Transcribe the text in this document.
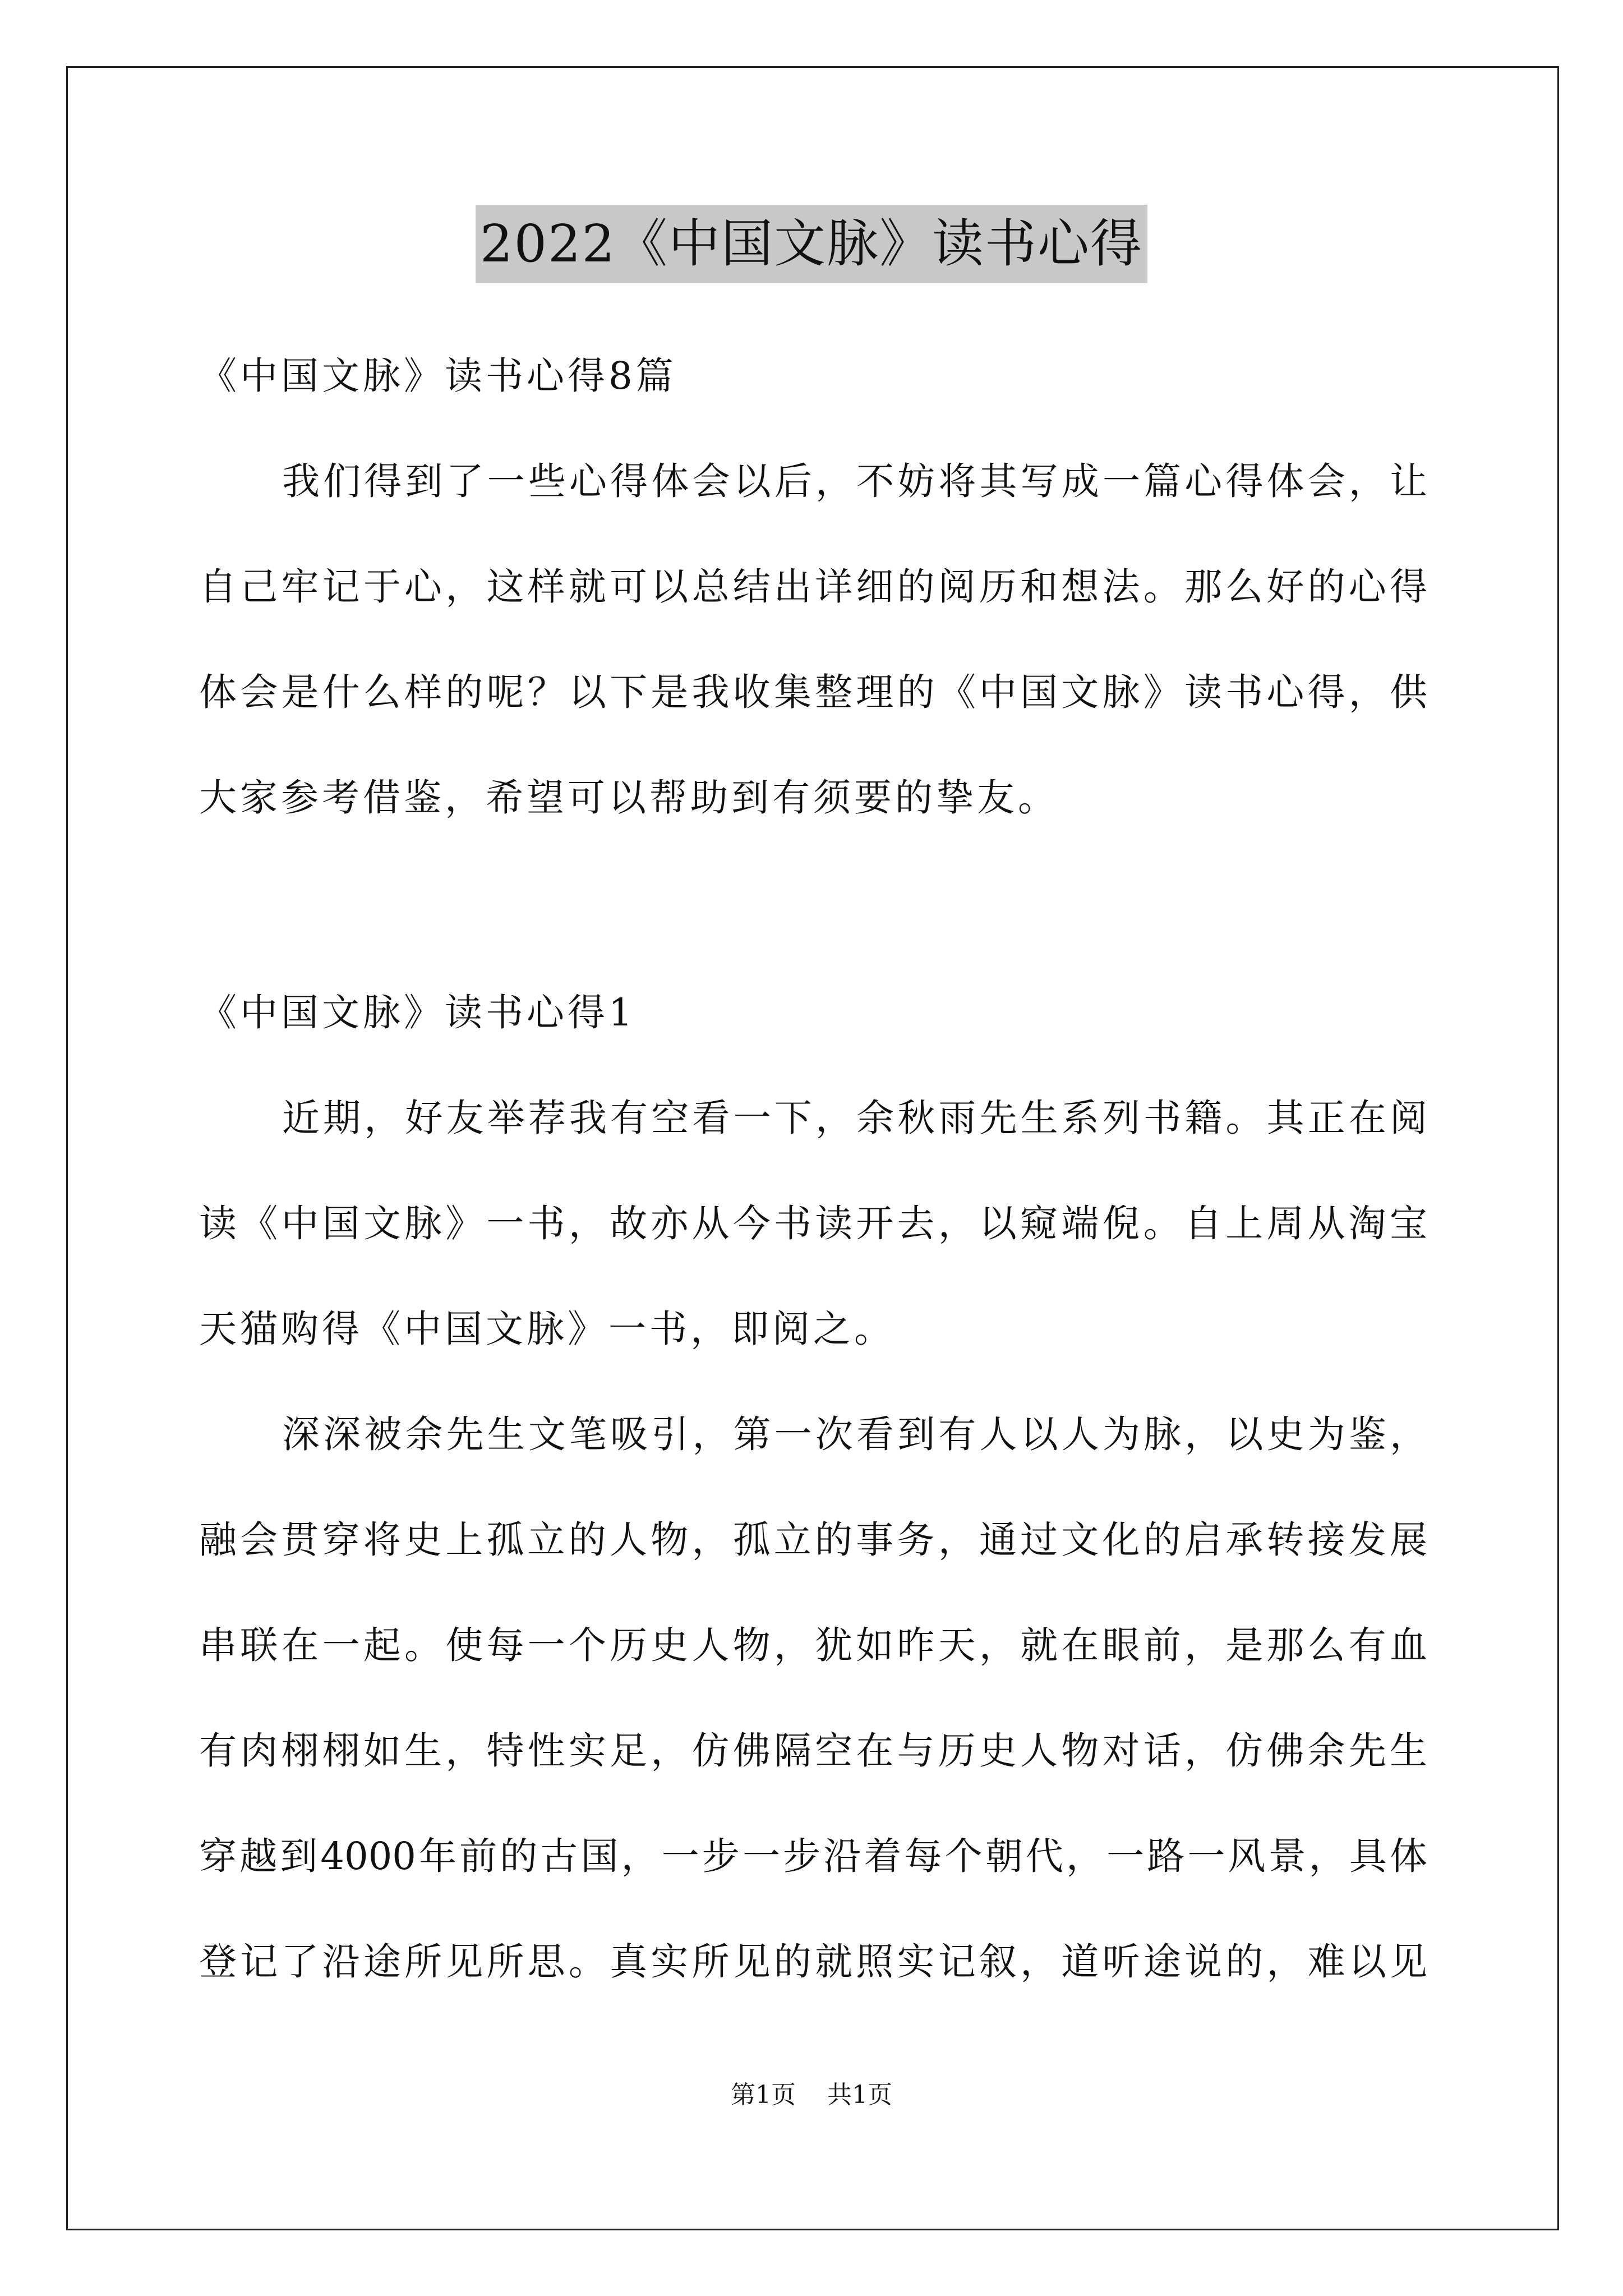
2022《中国文脉》读书心得
《中国文脉》读书心得8篇
我们得到了一些心得体会以后，不妨将其写成一篇心得体会，让
自己牢记于心，这样就可以总结出详细的阅历和想法。那么好的心得
体会是什么样的呢？以下是我收集整理的《中国文脉》读书心得，供
大家参考借鉴，希望可以帮助到有须要的挚友。
《中国文脉》读书心得1
近期，好友举荐我有空看一下，余秋雨先生系列书籍。其正在阅
读《中国文脉》一书，故亦从今书读开去，以窥端倪。自上周从淘宝
天猫购得《中国文脉》一书，即阅之。
深深被余先生文笔吸引，第一次看到有人以人为脉，以史为鉴，
融会贯穿将史上孤立的人物，孤立的事务，通过文化的启承转接发展
串联在一起。使每一个历史人物，犹如昨天，就在眼前，是那么有血
有肉栩栩如生，特性实足，仿佛隔空在与历史人物对话，仿佛余先生
穿越到4000年前的古国，一步一步沿着每个朝代，一路一风景，具体
登记了沿途所见所思。真实所见的就照实记叙，道听途说的，难以见
第1页 共1页
